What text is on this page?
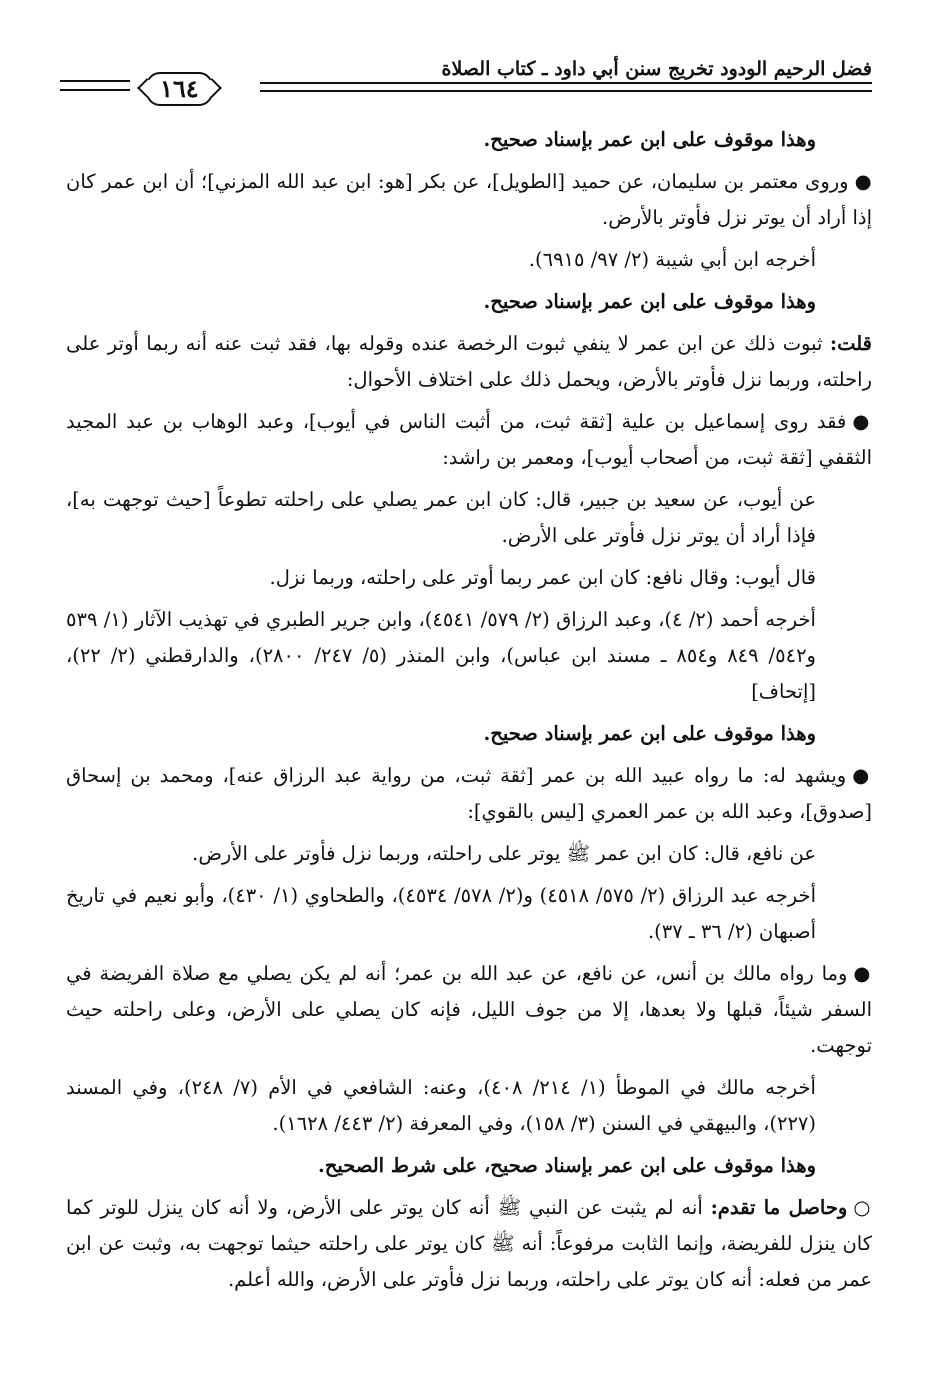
فضل الرحيم الودود تخريج سنن أبي داود ـ كتاب الصلاة
١٦٤

وهذا موقوف على ابن عمر بإسناد صحيح.

●وروى معتمر بن سليمان، عن حميد [الطويل]، عن بكر [هو: ابن عبد الله المزني]؛ أن ابن عمر كان إذا أراد أن يوتر نزل فأوتر بالأرض.

أخرجه ابن أبي شيبة (٢/ ٩٧/ ٦٩١٥).

وهذا موقوف على ابن عمر بإسناد صحيح.

قلت: ثبوت ذلك عن ابن عمر لا ينفي ثبوت الرخصة عنده وقوله بها، فقد ثبت عنه أنه ربما أوتر على راحلته، وربما نزل فأوتر بالأرض، ويحمل ذلك على اختلاف الأحوال:

●فقد روى إسماعيل بن علية [ثقة ثبت، من أثبت الناس في أيوب]، وعبد الوهاب بن عبد المجيد الثقفي [ثقة ثبت، من أصحاب أيوب]، ومعمر بن راشد:

عن أيوب، عن سعيد بن جبير، قال: كان ابن عمر يصلي على راحلته تطوعاً [حيث توجهت به]، فإذا أراد أن يوتر نزل فأوتر على الأرض.

قال أيوب: وقال نافع: كان ابن عمر ربما أوتر على راحلته، وربما نزل.

أخرجه أحمد (٢/ ٤)، وعبد الرزاق (٢/ ٥٧٩/ ٤٥٤١)، وابن جرير الطبري في تهذيب الآثار (١/ ٥٣٩ و٥٤٢/ ٨٤٩ و٨٥٤ ـ مسند ابن عباس)، وابن المنذر (٥/ ٢٤٧/ ٢٨٠٠)، والدارقطني (٢/ ٢٢)، [إتحاف]

وهذا موقوف على ابن عمر بإسناد صحيح.

●ويشهد له: ما رواه عبيد الله بن عمر [ثقة ثبت، من رواية عبد الرزاق عنه]، ومحمد بن إسحاق [صدوق]، وعبد الله بن عمر العمري [ليس بالقوي]:

عن نافع، قال: كان ابن عمر ﷺ يوتر على راحلته، وربما نزل فأوتر على الأرض.

أخرجه عبد الرزاق (٢/ ٥٧٥/ ٤٥١٨) و(٢/ ٥٧٨/ ٤٥٣٤)، والطحاوي (١/ ٤٣٠)، وأبو نعيم في تاريخ أصبهان (٢/ ٣٦ ـ ٣٧).

●وما رواه مالك بن أنس، عن نافع، عن عبد الله بن عمر؛ أنه لم يكن يصلي مع صلاة الفريضة في السفر شيئاً، قبلها ولا بعدها، إلا من جوف الليل، فإنه كان يصلي على الأرض، وعلى راحلته حيث توجهت.

أخرجه مالك في الموطأ (١/ ٢١٤/ ٤٠٨)، وعنه: الشافعي في الأم (٧/ ٢٤٨)، وفي المسند (٢٢٧)، والبيهقي في السنن (٣/ ١٥٨)، وفي المعرفة (٢/ ٤٤٣/ ١٦٢٨).

وهذا موقوف على ابن عمر بإسناد صحيح، على شرط الصحيح.

○وحاصل ما تقدم: أنه لم يثبت عن النبي ﷺ أنه كان يوتر على الأرض، ولا أنه كان ينزل للوتر كما كان ينزل للفريضة، وإنما الثابت مرفوعاً: أنه ﷺ كان يوتر على راحلته حيثما توجهت به، وثبت عن ابن عمر من فعله: أنه كان يوتر على راحلته، وربما نزل فأوتر على الأرض، والله أعلم.
